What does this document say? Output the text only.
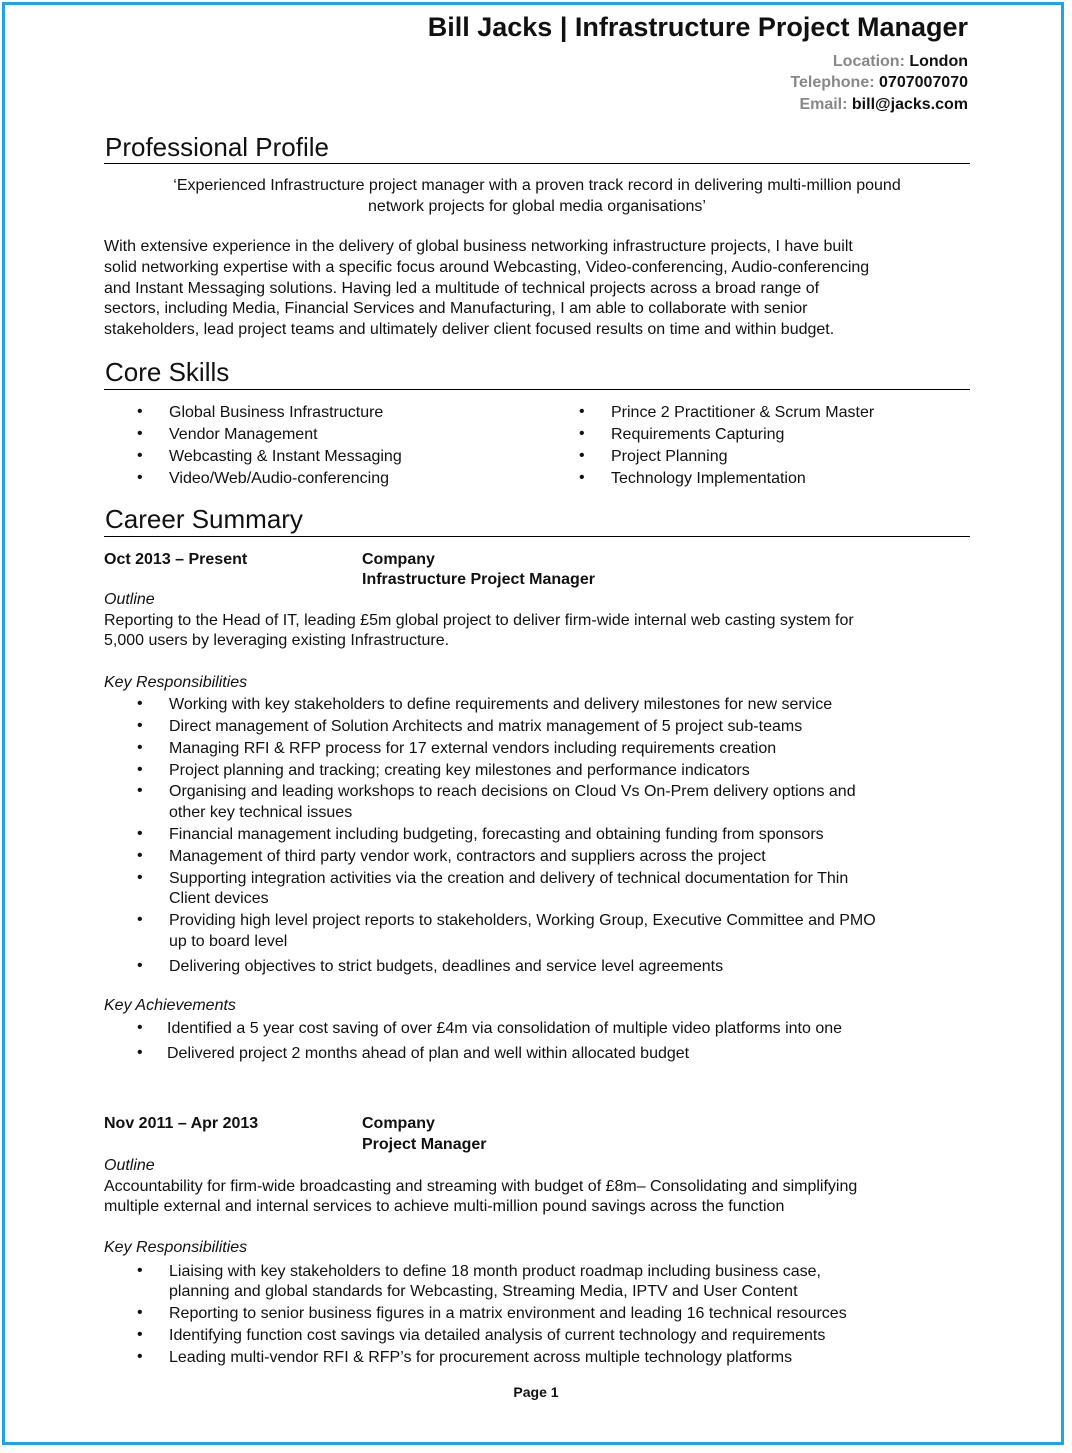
Bill Jacks | Infrastructure Project Manager
Location: London
Telephone: 0707007070
Email: bill@jacks.com
Professional Profile
‘Experienced Infrastructure project manager with a proven track record in delivering multi-million pound
network projects for global media organisations’

With extensive experience in the delivery of global business networking infrastructure projects, I have built

solid networking expertise with a specific focus around Webcasting, Video-conferencing, Audio-conferencing

and Instant Messaging solutions. Having led a multitude of technical projects across a broad range of

sectors, including Media, Financial Services and Manufacturing, I am able to collaborate with senior

stakeholders, lead project teams and ultimately deliver client focused results on time and within budget.

Core Skills
• Global Business Infrastructure
• Vendor Management
• Webcasting & Instant Messaging
• Video/Web/Audio-conferencing
• Prince 2 Practitioner & Scrum Master
• Requirements Capturing
• Project Planning
• Technology Implementation
Career Summary
Oct 2013 – Present	Company
Infrastructure Project Manager
Outline
Reporting to the Head of IT, leading £5m global project to deliver firm-wide internal web casting system for
5,000 users by leveraging existing Infrastructure.
Key Responsibilities
• Working with key stakeholders to define requirements and delivery milestones for new service
• Direct management of Solution Architects and matrix management of 5 project sub-teams
• Managing RFI & RFP process for 17 external vendors including requirements creation
• Project planning and tracking; creating key milestones and performance indicators
• Organising and leading workshops to reach decisions on Cloud Vs On-Prem delivery options and
other key technical issues
• Financial management including budgeting, forecasting and obtaining funding from sponsors
• Management of third party vendor work, contractors and suppliers across the project
• Supporting integration activities via the creation and delivery of technical documentation for Thin
Client devices
• Providing high level project reports to stakeholders, Working Group, Executive Committee and PMO
up to board level
• Delivering objectives to strict budgets, deadlines and service level agreements
Key Achievements
• Identified a 5 year cost saving of over £4m via consolidation of multiple video platforms into one
• Delivered project 2 months ahead of plan and well within allocated budget
Nov 2011 – Apr 2013	Company
Project Manager
Outline
Accountability for firm-wide broadcasting and streaming with budget of £8m– Consolidating and simplifying
multiple external and internal services to achieve multi-million pound savings across the function
Key Responsibilities
• Liaising with key stakeholders to define 18 month product roadmap including business case,
planning and global standards for Webcasting, Streaming Media, IPTV and User Content
• Reporting to senior business figures in a matrix environment and leading 16 technical resources
• Identifying function cost savings via detailed analysis of current technology and requirements
• Leading multi-vendor RFI & RFP’s for procurement across multiple technology platforms
Page 1
